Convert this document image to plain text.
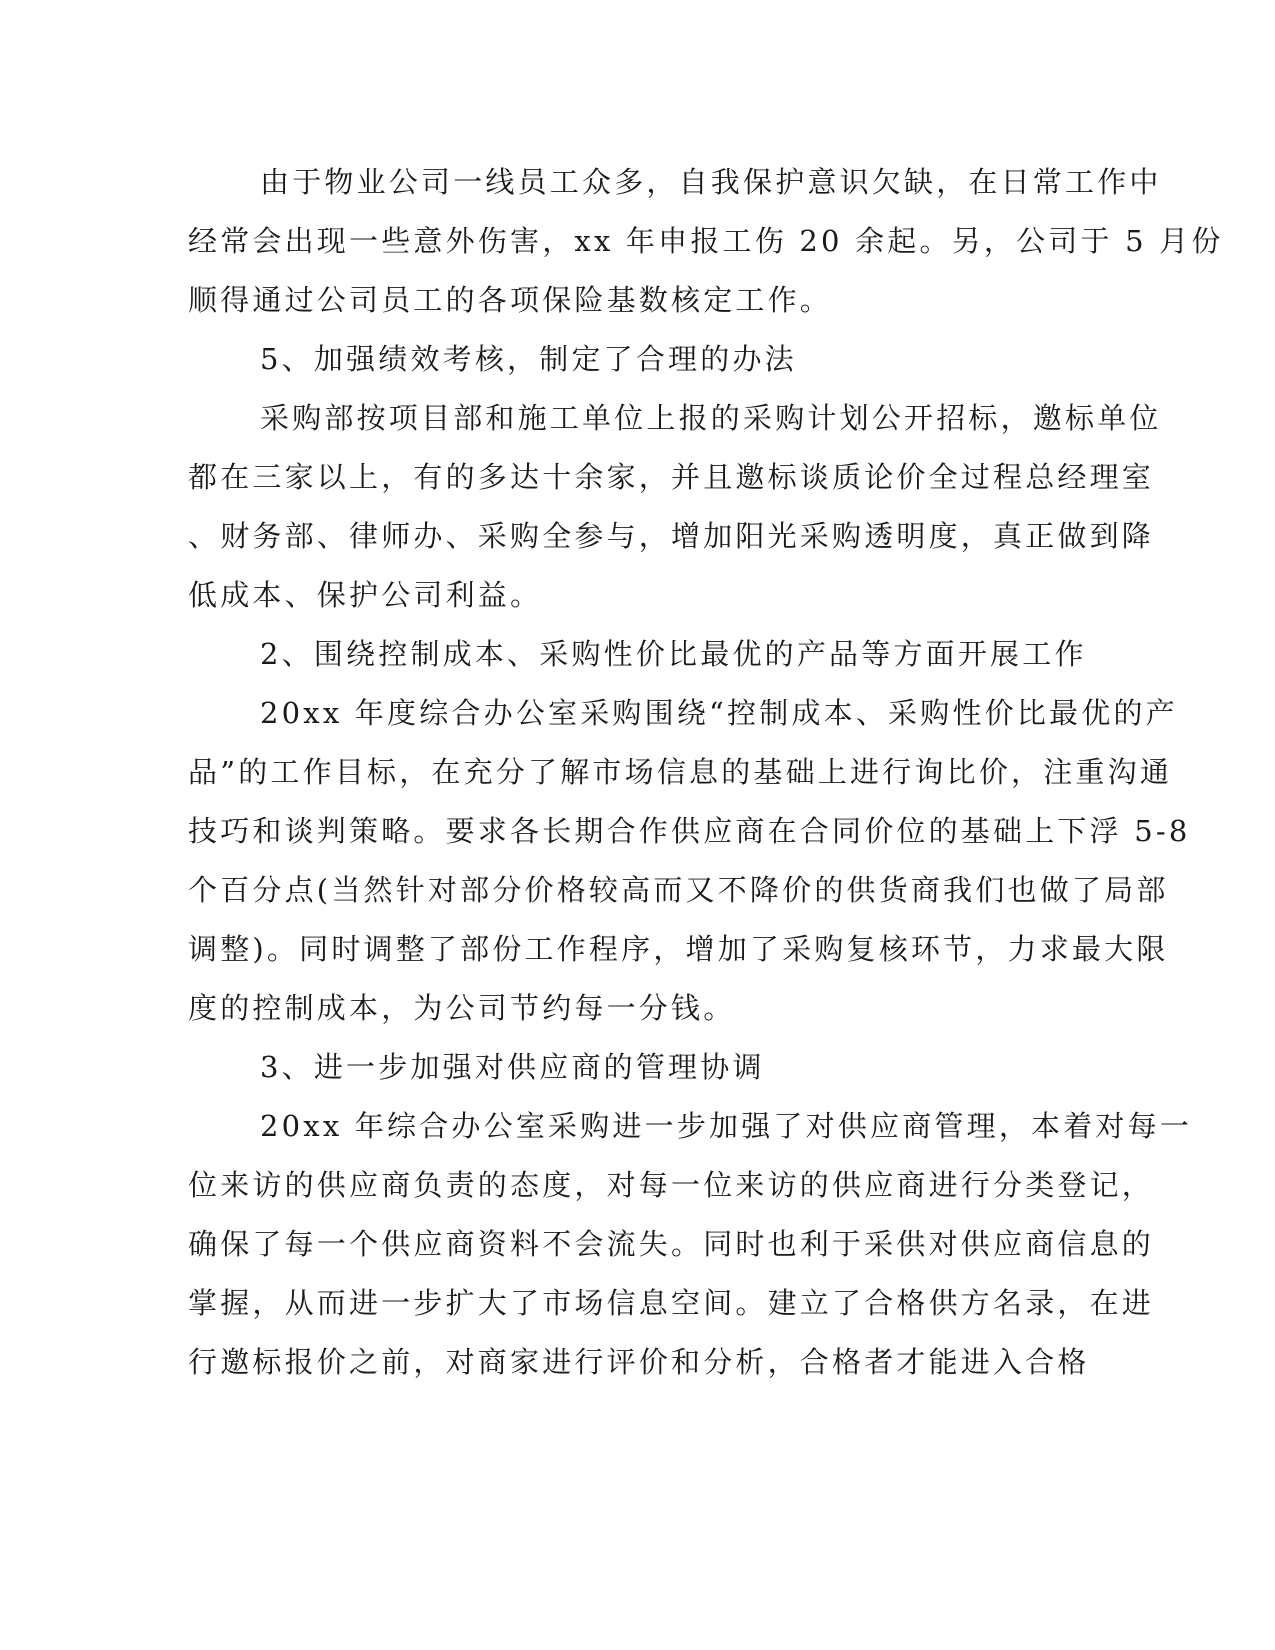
由于物业公司一线员工众多，自我保护意识欠缺，在日常工作中
经常会出现一些意外伤害，xx 年申报工伤 20 余起。另，公司于 5 月份
顺得通过公司员工的各项保险基数核定工作。
5、加强绩效考核，制定了合理的办法
采购部按项目部和施工单位上报的采购计划公开招标，邀标单位
都在三家以上，有的多达十余家，并且邀标谈质论价全过程总经理室
、财务部、律师办、采购全参与，增加阳光采购透明度，真正做到降
低成本、保护公司利益。
2、围绕控制成本、采购性价比最优的产品等方面开展工作
20xx 年度综合办公室采购围绕“控制成本、采购性价比最优的产
品”的工作目标，在充分了解市场信息的基础上进行询比价，注重沟通
技巧和谈判策略。要求各长期合作供应商在合同价位的基础上下浮 5-8
个百分点(当然针对部分价格较高而又不降价的供货商我们也做了局部
调整)。同时调整了部份工作程序，增加了采购复核环节，力求最大限
度的控制成本，为公司节约每一分钱。
3、进一步加强对供应商的管理协调
20xx 年综合办公室采购进一步加强了对供应商管理，本着对每一
位来访的供应商负责的态度，对每一位来访的供应商进行分类登记，
确保了每一个供应商资料不会流失。同时也利于采供对供应商信息的
掌握，从而进一步扩大了市场信息空间。建立了合格供方名录，在进
行邀标报价之前，对商家进行评价和分析，合格者才能进入合格
